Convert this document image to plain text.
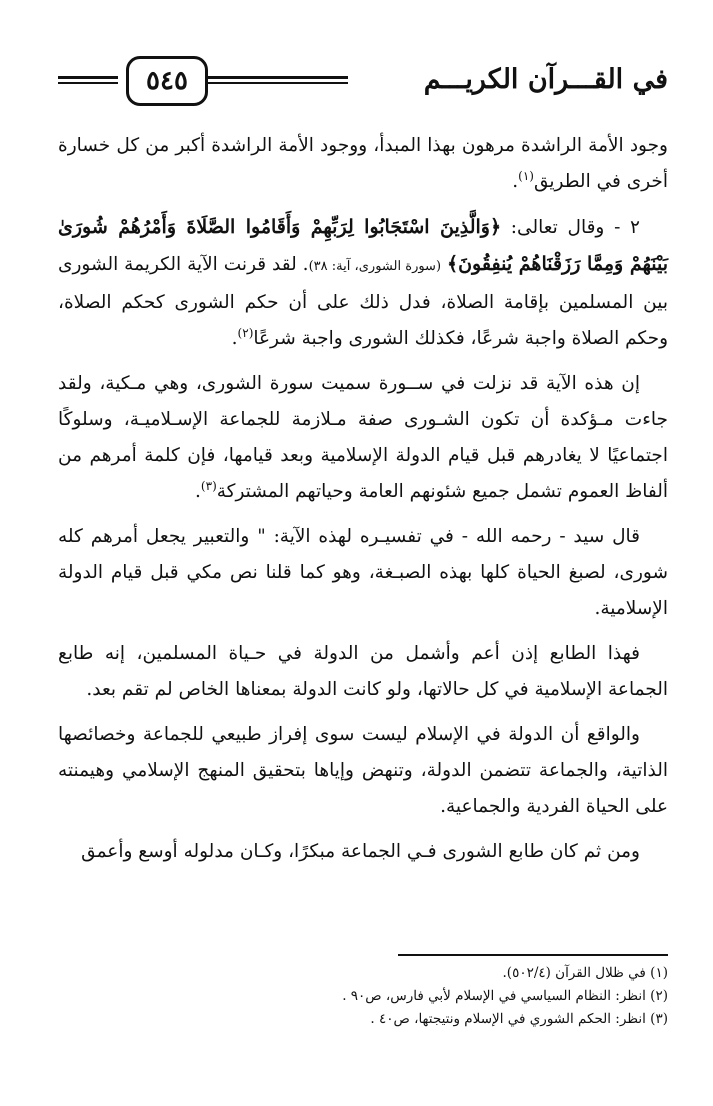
٥٤٥	في القـــرآن الكريـــم

وجود الأمة الراشدة مرهون بهذا المبدأ، ووجود الأمة الراشدة أكبر من كل خسارة أخرى في الطريق$^{(١)}$.

٢ - وقال تعالى: ﴿وَالَّذِينَ اسْتَجَابُوا لِرَبِّهِمْ وَأَقَامُوا الصَّلَاةَ وَأَمْرُهُمْ شُورَىٰ بَيْنَهُمْ وَمِمَّا رَزَقْنَاهُمْ يُنفِقُونَ﴾ (سورة الشورى، آية: ٣٨). لقد قرنت الآية الكريمة الشورى بين المسلمين بإقامة الصلاة، فدل ذلك على أن حكم الشورى كحكم الصلاة، وحكم الصلاة واجبة شرعًا، فكذلك الشورى واجبة شرعًا$^{(٢)}$.

إن هذه الآية قد نزلت في ســورة سميت سورة الشورى، وهي مـكية، ولقد جاءت مـؤكدة أن تكون الشـورى صفة مـلازمة للجماعة الإسـلاميـة، وسلوكًا اجتماعيًا لا يغادرهم قبل قيام الدولة الإسلامية وبعد قيامها، فإن كلمة أمرهم من ألفاظ العموم تشمل جميع شئونهم العامة وحياتهم المشتركة$^{(٣)}$.

قال سيد - رحمه الله - في تفسيـره لهذه الآية: " والتعبير يجعل أمرهم كله شورى، لصبغ الحياة كلها بهذه الصبـغة، وهو كما قلنا نص مكي قبل قيام الدولة الإسلامية.

فهذا الطابع إذن أعم وأشمل من الدولة في حـياة المسلمين، إنه طابع الجماعة الإسلامية في كل حالاتها، ولو كانت الدولة بمعناها الخاص لم تقم بعد.

والواقع أن الدولة في الإسلام ليست سوى إفراز طبيعي للجماعة وخصائصها الذاتية، والجماعة تتضمن الدولة، وتنهض وإياها بتحقيق المنهج الإسلامي وهيمنته على الحياة الفردية والجماعية.

ومن ثم كان طابع الشورى فـي الجماعة مبكرًا، وكـان مدلوله أوسع وأعمق

(١) في ظلال القرآن (٥٠٢/٤).

(٢) انظر: النظام السياسي في الإسلام لأبي فارس، ص٩٠ .

(٣) انظر: الحكم الشوري في الإسلام ونتيجتها، ص٤٠ .
